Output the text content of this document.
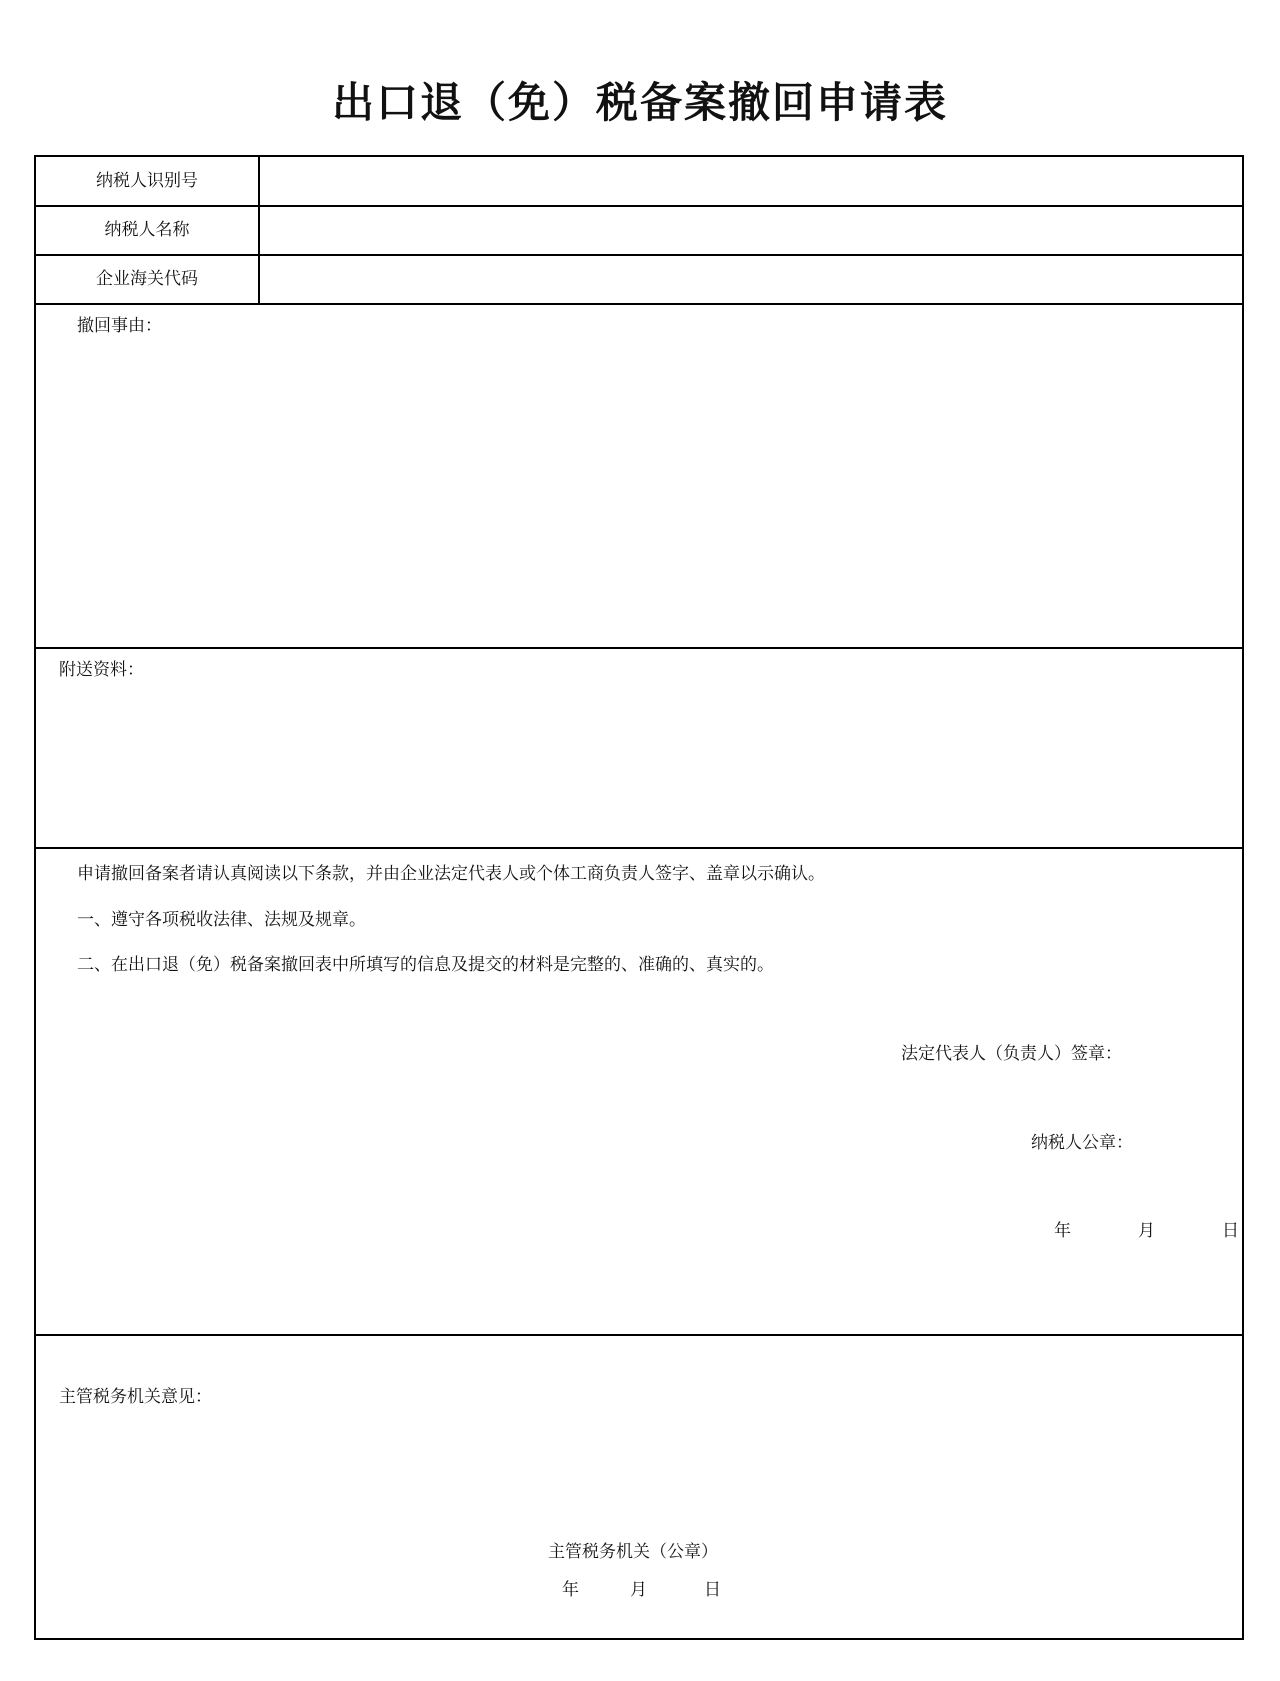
出口退（免）税备案撤回申请表
纳税人识别号
纳税人名称
企业海关代码
撤回事由：
附送资料：
申请撤回备案者请认真阅读以下条款，并由企业法定代表人或个体工商负责人签字、盖章以示确认。
一、遵守各项税收法律、法规及规章。
二、在出口退（免）税备案撤回表中所填写的信息及提交的材料是完整的、准确的、真实的。
法定代表人（负责人）签章：
纳税人公章：
年	月	日
主管税务机关意见：
主管税务机关（公章）
年	月	日
